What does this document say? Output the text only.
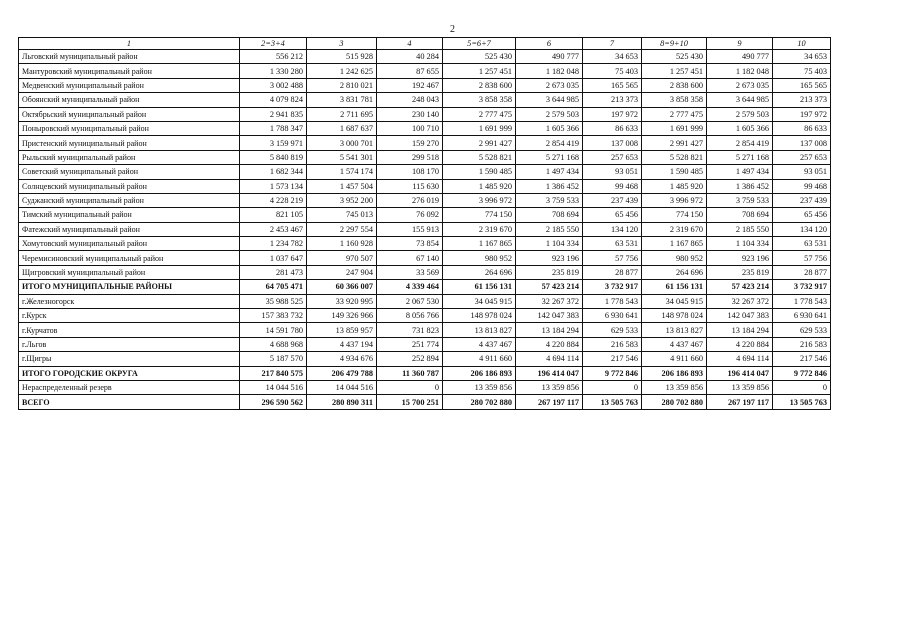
2
1	2=3+4	3	4	5=6+7	6	7	8=9+10	9	10
Льговский муниципальный район	556 212	515 928	40 284	525 430	490 777	34 653	525 430	490 777	34 653
Мантуровский муниципальный район	1 330 280	1 242 625	87 655	1 257 451	1 182 048	75 403	1 257 451	1 182 048	75 403
Медвенский муниципальный район	3 002 488	2 810 021	192 467	2 838 600	2 673 035	165 565	2 838 600	2 673 035	165 565
Обоянский муниципальный район	4 079 824	3 831 781	248 043	3 858 358	3 644 985	213 373	3 858 358	3 644 985	213 373
Октябрьский муниципальный район	2 941 835	2 711 695	230 140	2 777 475	2 579 503	197 972	2 777 475	2 579 503	197 972
Поныровский муниципальный район	1 788 347	1 687 637	100 710	1 691 999	1 605 366	86 633	1 691 999	1 605 366	86 633
Пристенский муниципальный район	3 159 971	3 000 701	159 270	2 991 427	2 854 419	137 008	2 991 427	2 854 419	137 008
Рыльский муниципальный район	5 840 819	5 541 301	299 518	5 528 821	5 271 168	257 653	5 528 821	5 271 168	257 653
Советский муниципальный район	1 682 344	1 574 174	108 170	1 590 485	1 497 434	93 051	1 590 485	1 497 434	93 051
Солнцевский муниципальный район	1 573 134	1 457 504	115 630	1 485 920	1 386 452	99 468	1 485 920	1 386 452	99 468
Суджанский муниципальный район	4 228 219	3 952 200	276 019	3 996 972	3 759 533	237 439	3 996 972	3 759 533	237 439
Тимский муниципальный район	821 105	745 013	76 092	774 150	708 694	65 456	774 150	708 694	65 456
Фатежский муниципальный район	2 453 467	2 297 554	155 913	2 319 670	2 185 550	134 120	2 319 670	2 185 550	134 120
Хомутовский муниципальный район	1 234 782	1 160 928	73 854	1 167 865	1 104 334	63 531	1 167 865	1 104 334	63 531
Черемисиновский муниципальный район	1 037 647	970 507	67 140	980 952	923 196	57 756	980 952	923 196	57 756
Щигровский муниципальный район	281 473	247 904	33 569	264 696	235 819	28 877	264 696	235 819	28 877
ИТОГО МУНИЦИПАЛЬНЫЕ РАЙОНЫ	64 705 471	60 366 007	4 339 464	61 156 131	57 423 214	3 732 917	61 156 131	57 423 214	3 732 917
г.Железногорск	35 988 525	33 920 995	2 067 530	34 045 915	32 267 372	1 778 543	34 045 915	32 267 372	1 778 543
г.Курск	157 383 732	149 326 966	8 056 766	148 978 024	142 047 383	6 930 641	148 978 024	142 047 383	6 930 641
г.Курчатов	14 591 780	13 859 957	731 823	13 813 827	13 184 294	629 533	13 813 827	13 184 294	629 533
г.Льгов	4 688 968	4 437 194	251 774	4 437 467	4 220 884	216 583	4 437 467	4 220 884	216 583
г.Щигры	5 187 570	4 934 676	252 894	4 911 660	4 694 114	217 546	4 911 660	4 694 114	217 546
ИТОГО ГОРОДСКИЕ ОКРУГА	217 840 575	206 479 788	11 360 787	206 186 893	196 414 047	9 772 846	206 186 893	196 414 047	9 772 846
Нераспределенный резерв	14 044 516	14 044 516	0	13 359 856	13 359 856	0	13 359 856	13 359 856	0
ВСЕГО	296 590 562	280 890 311	15 700 251	280 702 880	267 197 117	13 505 763	280 702 880	267 197 117	13 505 763
